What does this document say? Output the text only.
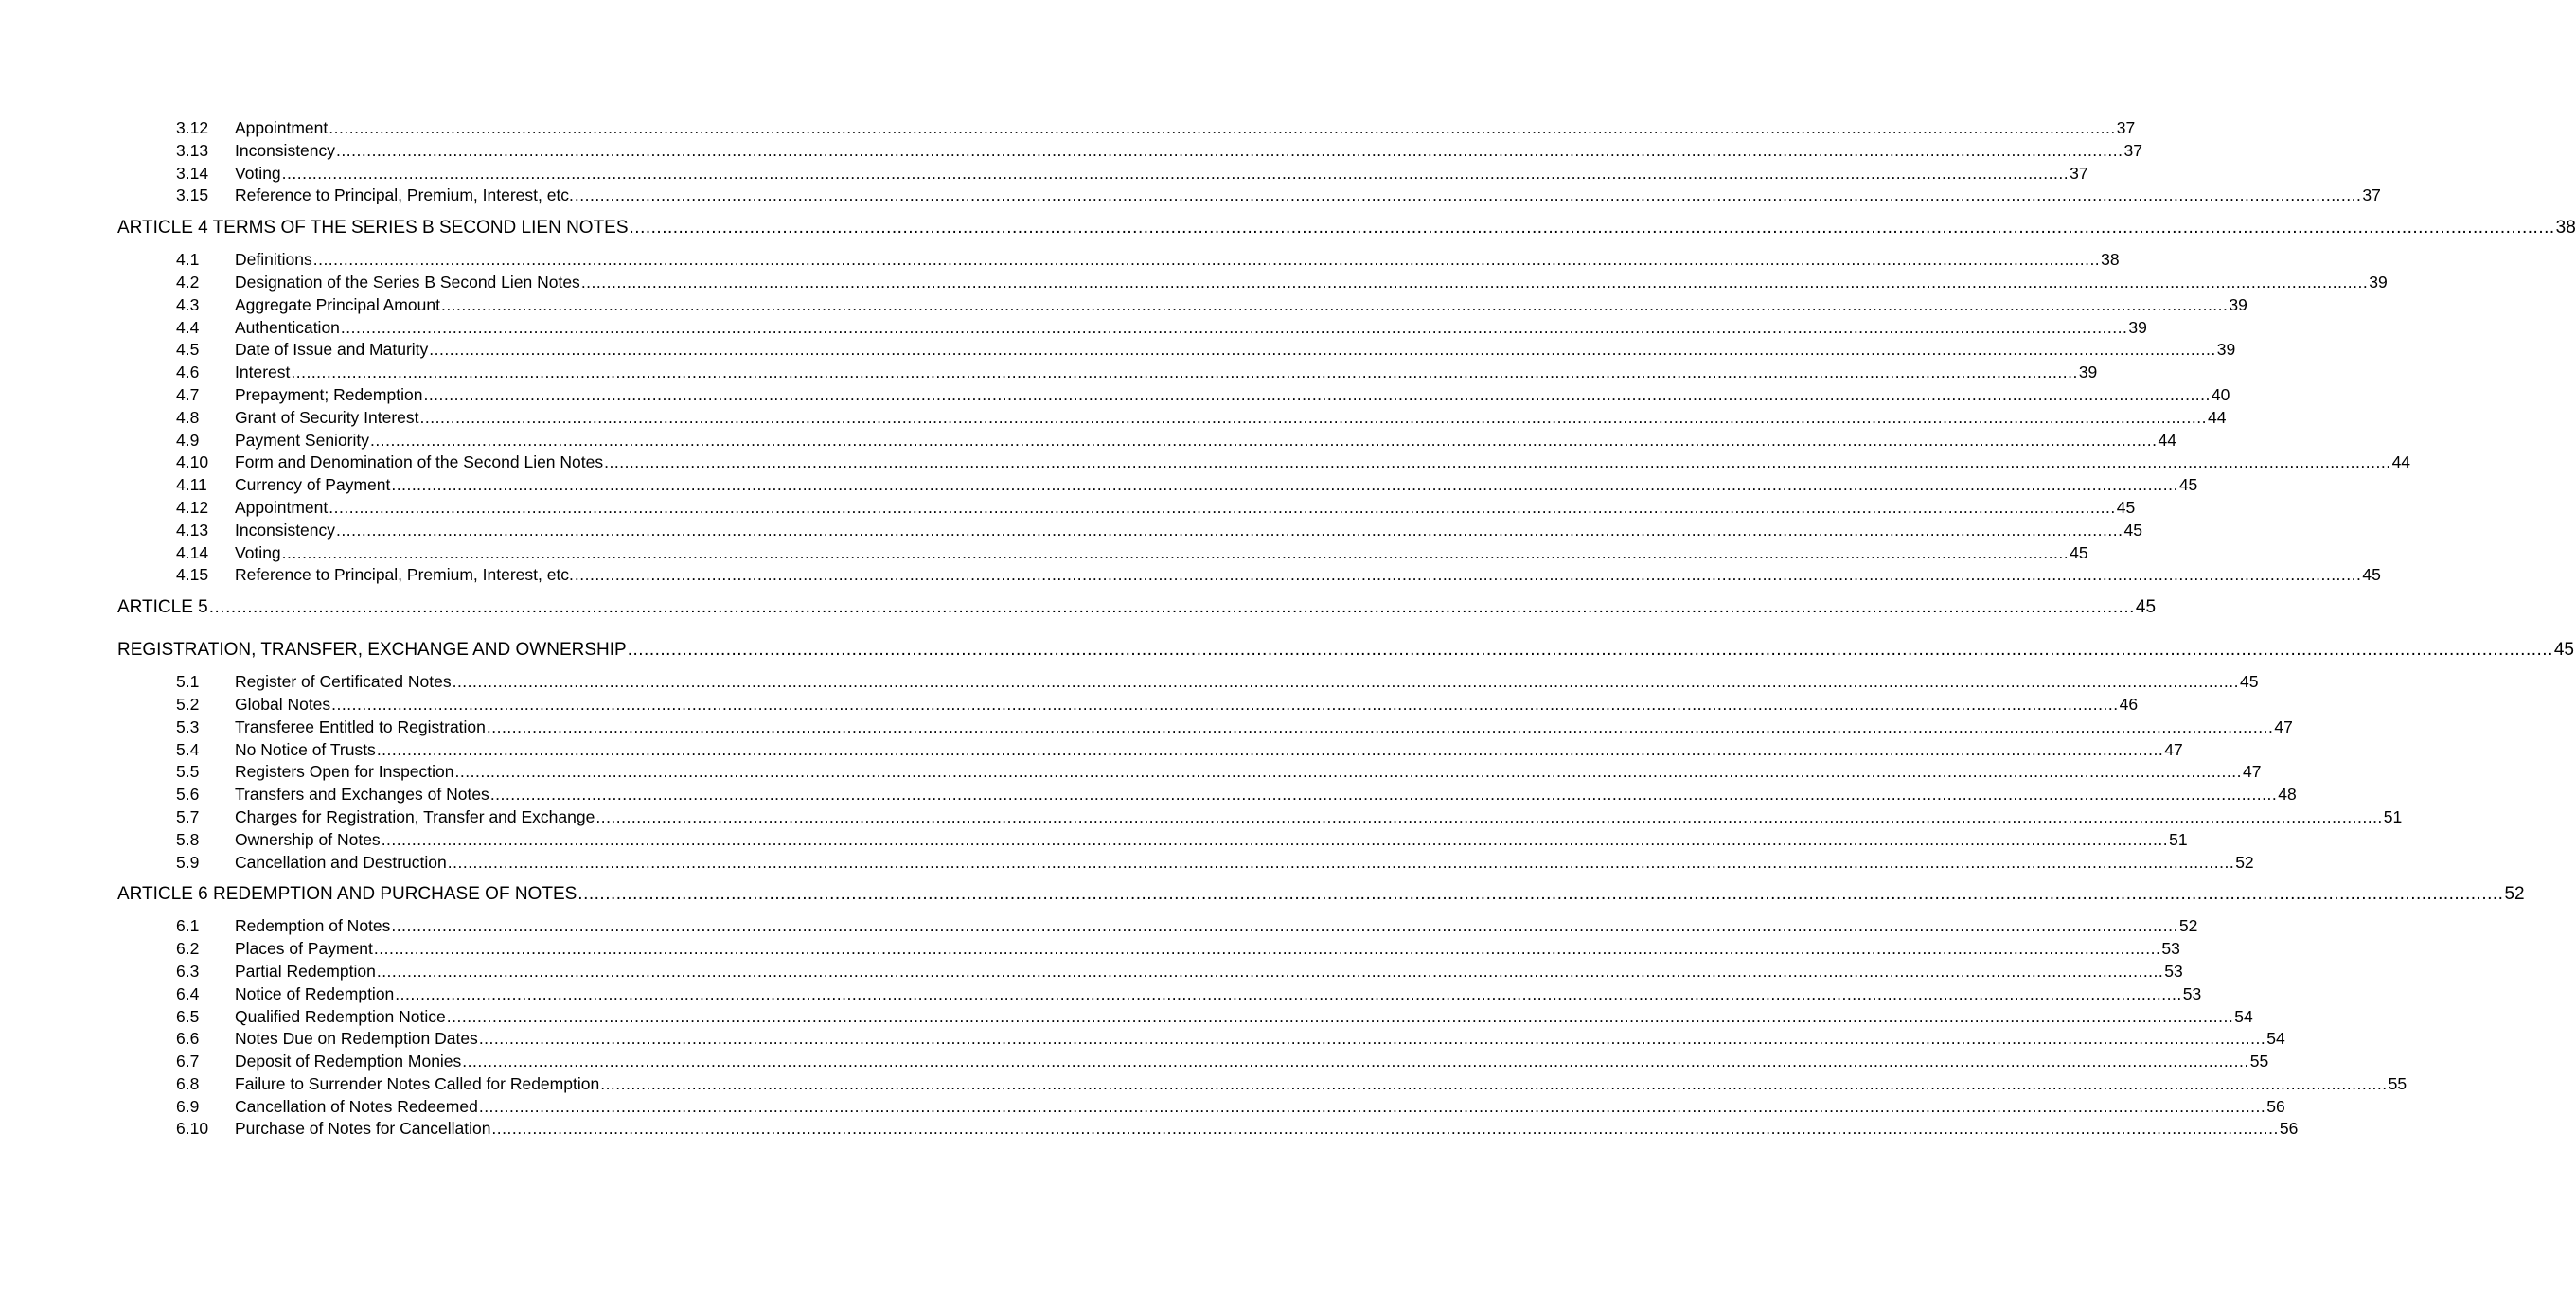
3.12	Appointment .....	37
3.13	Inconsistency .....	37
3.14	Voting .....	37
3.15	Reference to Principal, Premium, Interest, etc. .....	37
ARTICLE 4 TERMS OF THE SERIES B SECOND LIEN NOTES .....	38
4.1	Definitions .....	38
4.2	Designation of the Series B Second Lien Notes .....	39
4.3	Aggregate Principal Amount .....	39
4.4	Authentication .....	39
4.5	Date of Issue and Maturity .....	39
4.6	Interest .....	39
4.7	Prepayment; Redemption .....	40
4.8	Grant of Security Interest .....	44
4.9	Payment Seniority .....	44
4.10	Form and Denomination of the Second Lien Notes .....	44
4.11	Currency of Payment .....	45
4.12	Appointment .....	45
4.13	Inconsistency .....	45
4.14	Voting .....	45
4.15	Reference to Principal, Premium, Interest, etc. .....	45
ARTICLE 5 .....	45
REGISTRATION, TRANSFER, EXCHANGE AND OWNERSHIP .....	45
5.1	Register of Certificated Notes .....	45
5.2	Global Notes .....	46
5.3	Transferee Entitled to Registration .....	47
5.4	No Notice of Trusts .....	47
5.5	Registers Open for Inspection .....	47
5.6	Transfers and Exchanges of Notes .....	48
5.7	Charges for Registration, Transfer and Exchange .....	51
5.8	Ownership of Notes .....	51
5.9	Cancellation and Destruction .....	52
ARTICLE 6 REDEMPTION AND PURCHASE OF NOTES .....	52
6.1	Redemption of Notes .....	52
6.2	Places of Payment .....	53
6.3	Partial Redemption .....	53
6.4	Notice of Redemption .....	53
6.5	Qualified Redemption Notice .....	54
6.6	Notes Due on Redemption Dates .....	54
6.7	Deposit of Redemption Monies .....	55
6.8	Failure to Surrender Notes Called for Redemption .....	55
6.9	Cancellation of Notes Redeemed .....	56
6.10	Purchase of Notes for Cancellation .....	56
